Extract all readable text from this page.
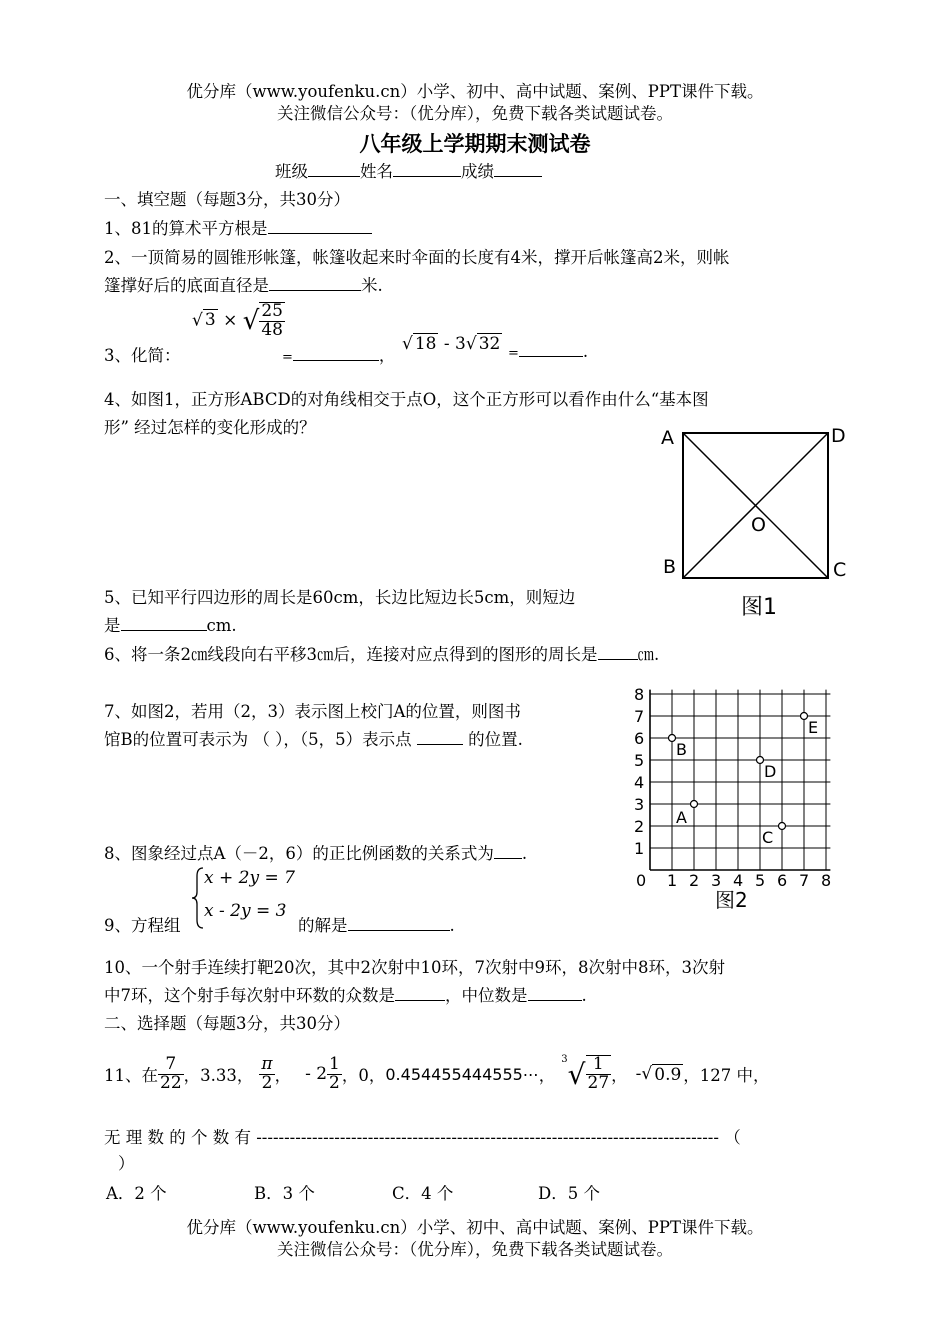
优分库（www.youfenku.cn）小学、初中、高中试题、案例、PPT课件下载。
关注微信公众号：（优分库），免费下载各类试题试卷。
八年级上学期期末测试卷
班级	姓名	成绩
一、填空题（每题3分，共30分）
1、81的算术平方根是
2、一顶简易的圆锥形帐篷，帐篷收起来时伞面的长度有4米，撑开后帐篷高2米，则帐
篷撑好后的底面直径是	米.
3、化简：
√ 3 × √ $\frac{25}{48}$
=	，
√ 18 - 3√ 32 =	.
4、如图1，正方形ABCD的对角线相交于点O，这个正方形可以看作由什么“基本图
形” 经过怎样的变化形成的？	A	D
B	C
O
图1
5、已知平行四边形的周长是60cm，长边比短边长5cm，则短边
是	cm.
6、将一条2㎝线段向右平移3㎝后，连接对应点得到的图形的周长是 ㎝.
7、如图2，若用（2，3）表示图上校门A的位置，则图书
馆B的位置可表示为 （ ），（5，5）表示点	的位置.
1
2
3
4
5
6
7
8
0 1 2 3 4 5 6 7 8
A
B
C
D
E
图2
8、图象经过点A（－2，6）的正比例函数的关系式为 .
9、方程组
x + 2y = 7
x - 2y = 3
的解是	.
10、一个射手连续打靶20次，其中2次射中10环，7次射中9环，8次射中8环，3次射
中7环，这个射手每次射中环数的众数是	，中位数是	.
二、选择题（每题3分，共30分）
11、在 $\frac{7}{22}$ ，3.33， $\frac{\pi}{2}$ ， - $2 \frac{1}{2}$ ，0， 0.454455444555⋯ ，
3 √ $\frac{1}{27}$ ， - √ 0.9 ，127 中，
无 理 数 的 个 数 有 ----------------------------------------------------------------------------------- （
）
A．2 个	B．3 个	C．4 个	D．5 个
优分库（www.youfenku.cn）小学、初中、高中试题、案例、PPT课件下载。
关注微信公众号：（优分库），免费下载各类试题试卷。
